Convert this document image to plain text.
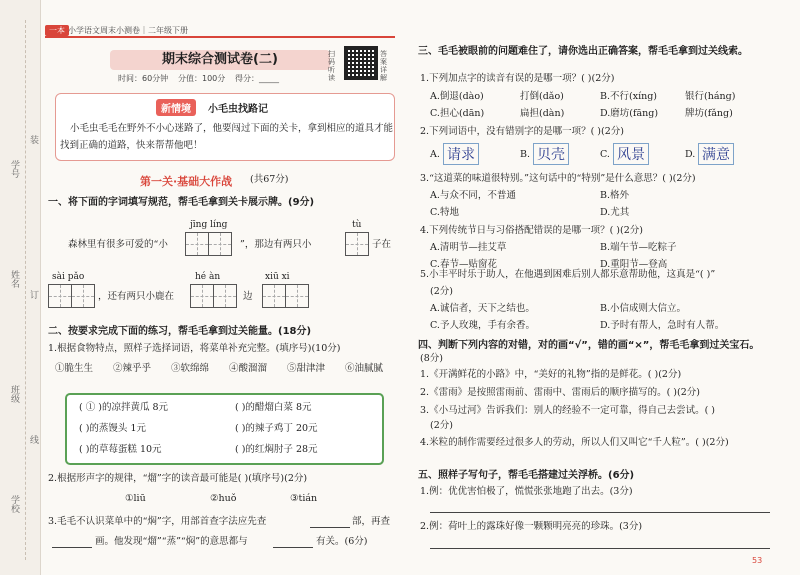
学号
姓名
班级
学校
装
订
线
一本 小学语文周末小测卷｜二年级下册
期末综合测试卷(二)
时间：60分钟 分值：100分 得分：_____
扫码听读
答案详解
新情境	小毛虫找路记
小毛虫毛毛在野外不小心迷路了，他要闯过下面的关卡，拿到相应的道具才能
找到正确的道路，快来帮帮他吧！
第一关·基础大作战 (共67分)
一、将下面的字词填写规范，帮毛毛拿到关卡展示牌。(9分)
jīng líng	tù
森林里有很多可爱的“小	”，那边有两只小	子在
sài pǎo	hé àn	xiū xi
，还有两只小鹿在	边
二、按要求完成下面的练习，帮毛毛拿到过关能量。(18分)
1.根据食物特点，照样子选择词语，将菜单补充完整。(填序号)(10分)
①脆生生 ②辣乎乎 ③软绵绵 ④酸溜溜 ⑤甜津津 ⑥油腻腻
( ① )的凉拌黄瓜 8元	( )的醋熘白菜 8元
( )的蒸馒头 1元	( )的辣子鸡丁 20元
( )的草莓蛋糕 10元	( )的红焖肘子 28元
2.根据形声字的规律，“熘”字的读音最可能是( )(填序号)(2分)
①liū	②huǒ	③tián
3.毛毛不认识菜单中的“焖”字，用部首查字法应先查	部，再查
画。他发现“熘”“蒸”“焖”的意思都与	有关。(6分)
三、毛毛被眼前的问题难住了，请你选出正确答案，帮毛毛拿到过关线索。
1.下列加点字的读音有误的是哪一项？( )(2分)
A.倒退(dào)	打倒(dǎo)	B.不行(xíng)	银行(háng)
C.担心(dān)	扁担(dàn)	D.磨坊(fāng)	牌坊(fǎng)
2.下列词语中，没有错别字的是哪一项？( )(2分)
A. 请求	B. 贝壳	C. 风景	D. 满意
3.“这道菜的味道很特别。”这句话中的“特别”是什么意思？( )(2分)
A.与众不同，不普通	B.格外
C.特地	D.尤其
4.下列传统节日与习俗搭配错误的是哪一项？( )(2分)
A.清明节—挂艾草	B.端午节—吃粽子
C.春节—贴窗花	D.重阳节—登高
5.小丰平时乐于助人，在他遇到困难后别人都乐意帮助他，这真是“( )”
(2分)
A.诚信者，天下之结也。	B.小信成则大信立。
C.予人玫瑰，手有余香。	D.予时有帮人，急时有人帮。
四、判断下列内容的对错，对的画“√”，错的画“×”，帮毛毛拿到过关宝石。
(8分)
1.《开满鲜花的小路》中，“美好的礼物”指的是鲜花。( )(2分)
2.《雷雨》是按照雷雨前、雷雨中、雷雨后的顺序描写的。( )(2分)
3.《小马过河》告诉我们：别人的经验不一定可靠，得自己去尝试。( )
(2分)
4.米粒的制作需要经过很多人的劳动，所以人们又叫它“千人粒”。( )(2分)
五、照样子写句子，帮毛毛搭建过关浮桥。(6分)
1.例：优优害怕极了，慌慌张张地跑了出去。(3分)
2.例：荷叶上的露珠好像一颗颗明亮亮的珍珠。(3分)
53
